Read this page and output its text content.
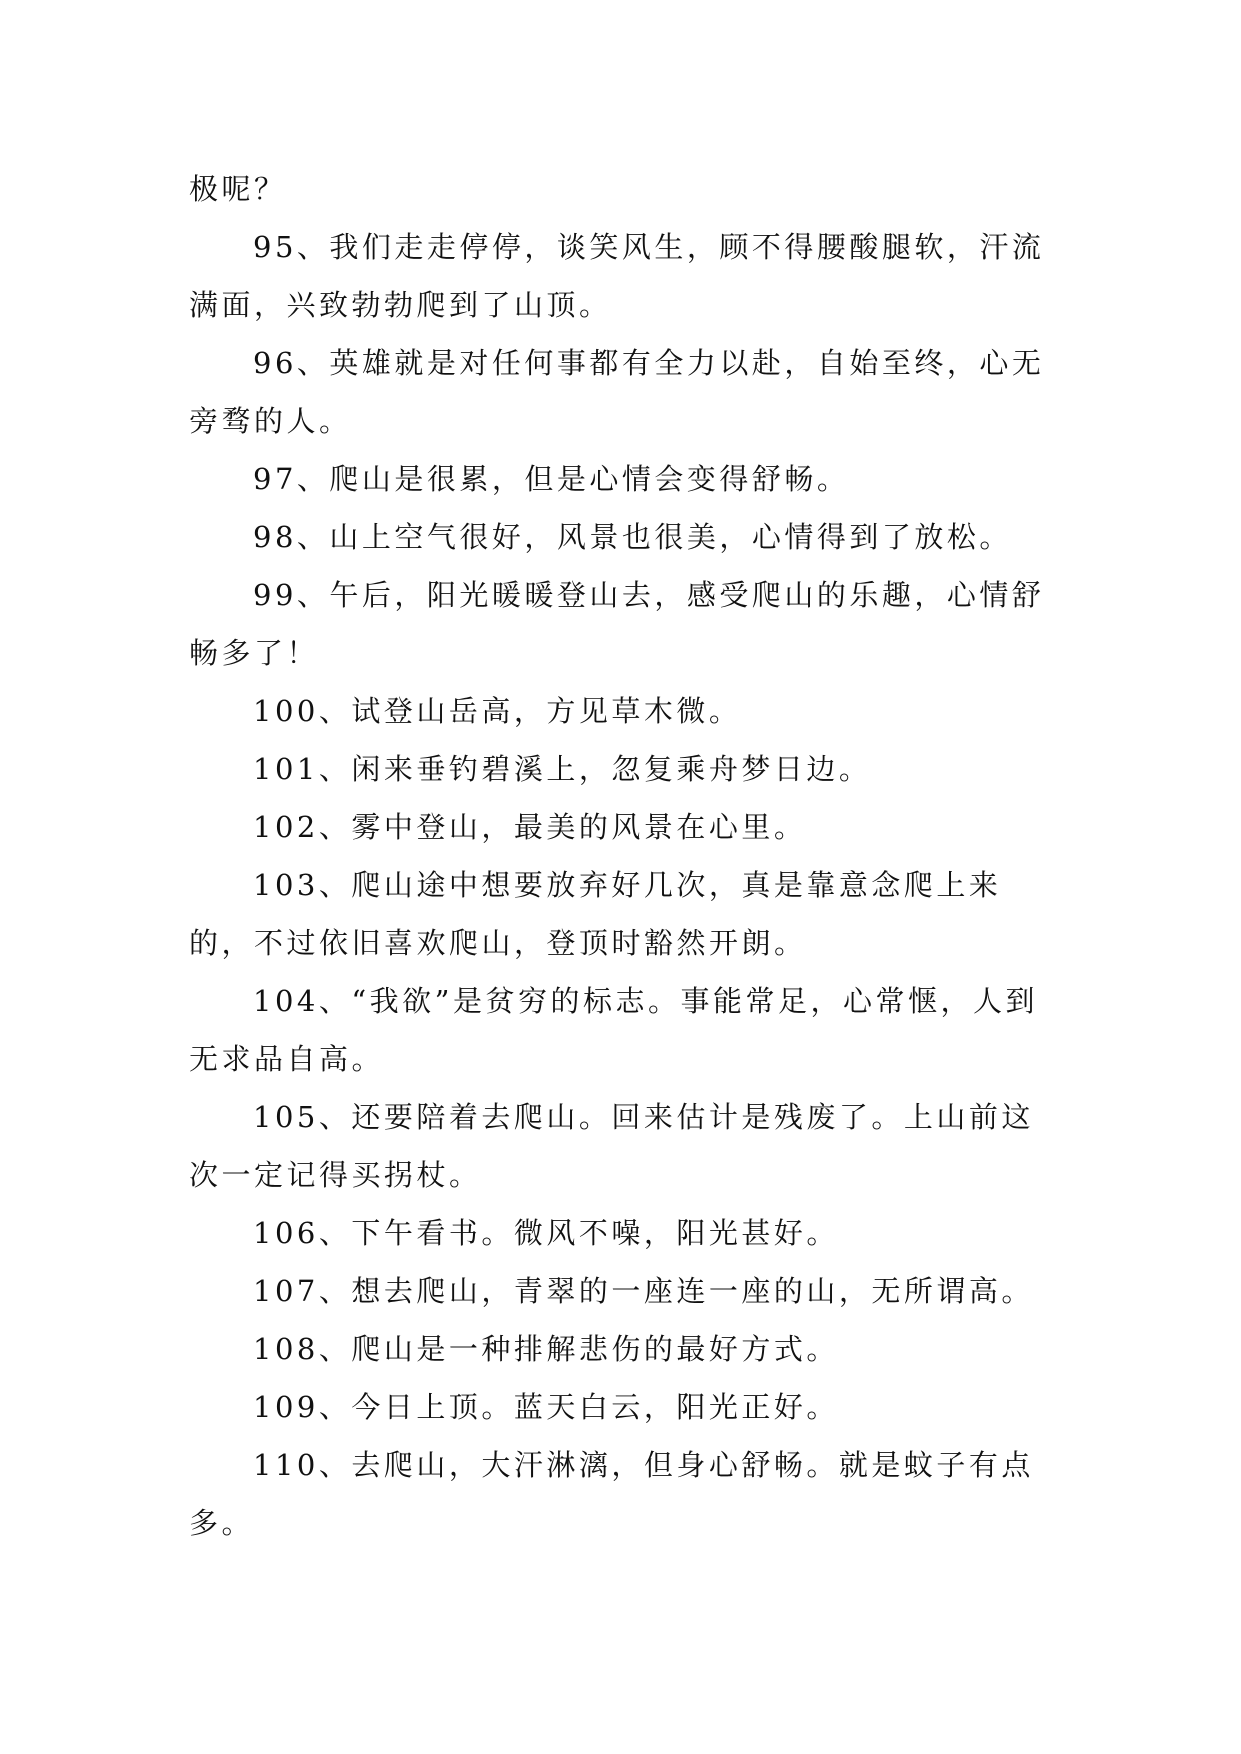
极呢？

95、我们走走停停，谈笑风生，顾不得腰酸腿软，汗流满面，兴致勃勃爬到了山顶。

96、英雄就是对任何事都有全力以赴，自始至终，心无旁骛的人。

97、爬山是很累，但是心情会变得舒畅。

98、山上空气很好，风景也很美，心情得到了放松。

99、午后，阳光暖暖登山去，感受爬山的乐趣，心情舒畅多了！

100、试登山岳高，方见草木微。

101、闲来垂钓碧溪上，忽复乘舟梦日边。

102、雾中登山，最美的风景在心里。

103、爬山途中想要放弃好几次，真是靠意念爬上来的，不过依旧喜欢爬山，登顶时豁然开朗。

104、“我欲”是贫穷的标志。事能常足，心常惬，人到无求品自高。

105、还要陪着去爬山。回来估计是残废了。上山前这次一定记得买拐杖。

106、下午看书。微风不噪，阳光甚好。

107、想去爬山，青翠的一座连一座的山，无所谓高。

108、爬山是一种排解悲伤的最好方式。

109、今日上顶。蓝天白云，阳光正好。

110、去爬山，大汗淋漓，但身心舒畅。就是蚊子有点多。
